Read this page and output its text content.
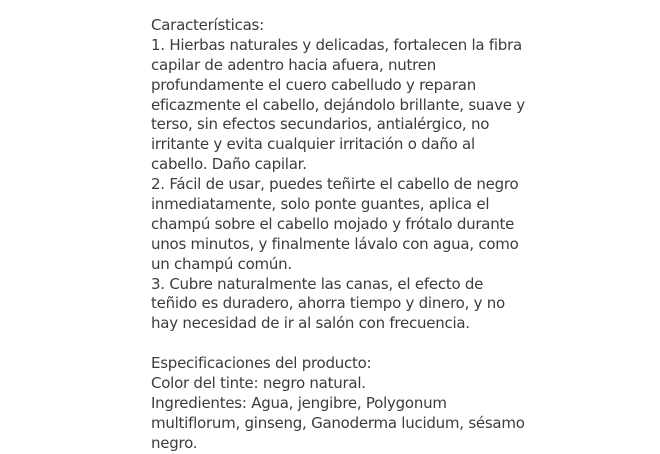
Características:
1. Hierbas naturales y delicadas, fortalecen la fibra
capilar de adentro hacia afuera, nutren
profundamente el cuero cabelludo y reparan
eficazmente el cabello, dejándolo brillante, suave y
terso, sin efectos secundarios, antialérgico, no
irritante y evita cualquier irritación o daño al
cabello. Daño capilar.
2. Fácil de usar, puedes teñirte el cabello de negro
inmediatamente, solo ponte guantes, aplica el
champú sobre el cabello mojado y frótalo durante
unos minutos, y finalmente lávalo con agua, como
un champú común.
3. Cubre naturalmente las canas, el efecto de
teñido es duradero, ahorra tiempo y dinero, y no
hay necesidad de ir al salón con frecuencia.
Especificaciones del producto:
Color del tinte: negro natural.
Ingredientes: Agua, jengibre, Polygonum
multiflorum, ginseng, Ganoderma lucidum, sésamo
negro.
